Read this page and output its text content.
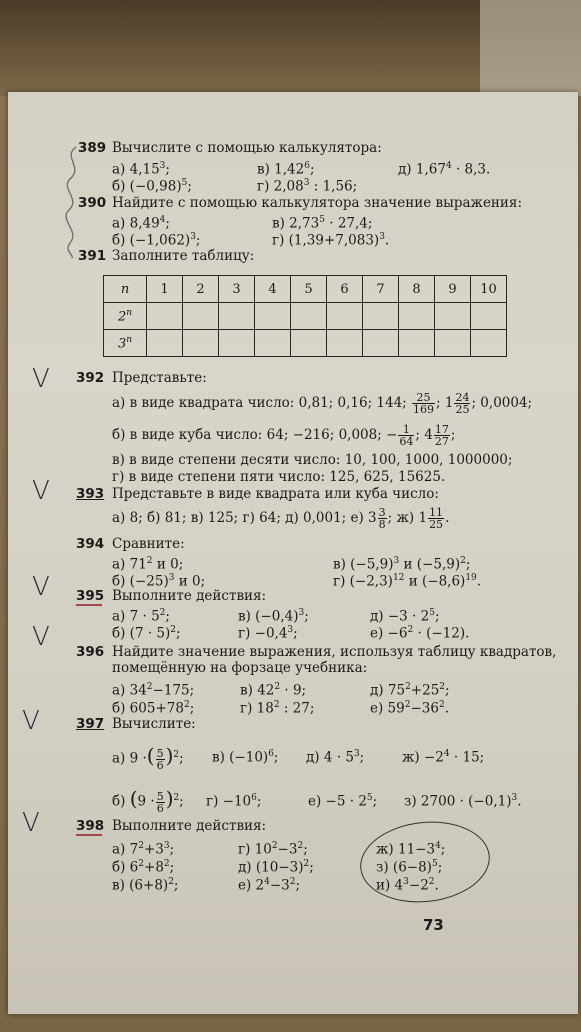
389 Вычислите с помощью калькулятора:
а) 4,15$^3$;	в) 1,42$^6$;	д) $1,67^4 \cdot 8,3$.
б) $(-0,98)^5$;	г) 2,08$^3$ : 1,56;
390 Найдите с помощью калькулятора значение выражения:
а) 8,49$^4$;	в) $2,73^5 \cdot 27,4$;
б) $(-1,062)^3$;	г) $(1,39+7,083)^3$.
391 Заполните таблицу:
n	1	2	3	4	5	6	7	8	9	10
2$^n$										
3$^n$										
V 392 Представьте:
а) в виде квадрата число: 0,81; 0,16; 144; $\frac{25}{169}$ ; $1 \frac{24}{25}$ ; 0,0004;
б) в виде куба число: 64; −216; 0,008; − $\frac{1}{64}$ ; $4 \frac{17}{27}$ ;
в) в виде степени десяти число: 10, 100, 1000, 1000000;
г) в виде степени пяти число: 125, 625, 15625.
V 393 Представьте в виде квадрата или куба число:
а) 8; б) 81; в) 125; г) 64; д) 0,001; е) $3 \frac{3}{8}$ ; ж) $1 \frac{11}{25}$ .
394 Сравните:
а) $71^2$ и 0;	в) $(-5,9)^3$ и $(-5,9)^2$;
б) $(-25)^3$ и 0;	г) $(-2,3)^{12}$ и $(-8,6)^{19}$.
V 395 Выполните действия:
а) $7 \cdot 5^2$;	в) $(-0,4)^3$;	$д) -3 \cdot 2^5$;
V	б) $(7 \cdot 5)^2$;	$г) -0,4^3$;	$е) -6^2 \cdot (-12)$.
396 Найдите значение выражения, используя таблицу квадратов,
помещённую на форзаце учебника:
а) $34^2-175$;	в) $42^2 \cdot 9$;	д) $75^2+25^2$;
б) $605+78^2$;	г) $18^2$ : 27;	е) $59^2-36^2$.
V	397 Вычислите:
а) 9 ·( $\frac{5}{6} )^2$; в) $(-10)^6$; д) $4 \cdot 5^3$;	$ж) -2^4 \cdot 15$;
б) $(9 \cdot \frac{5}{6} )^2$; $г) -10^6$;	$е) -5 \cdot 2^5$; з) $2700 \cdot (-0,1)^3$.
V	398 Выполните действия:
а) $7^2+3^3$;	г) $10^2-3^2$;	ж) $11-3^4$;
б) $6^2+8^2$;	д) $(10-3)^2$;	з) $(6-8)^5$;
в) $(6+8)^2$;	е) $2^4-3^2$;	и) $4^3-2^2$.
73
